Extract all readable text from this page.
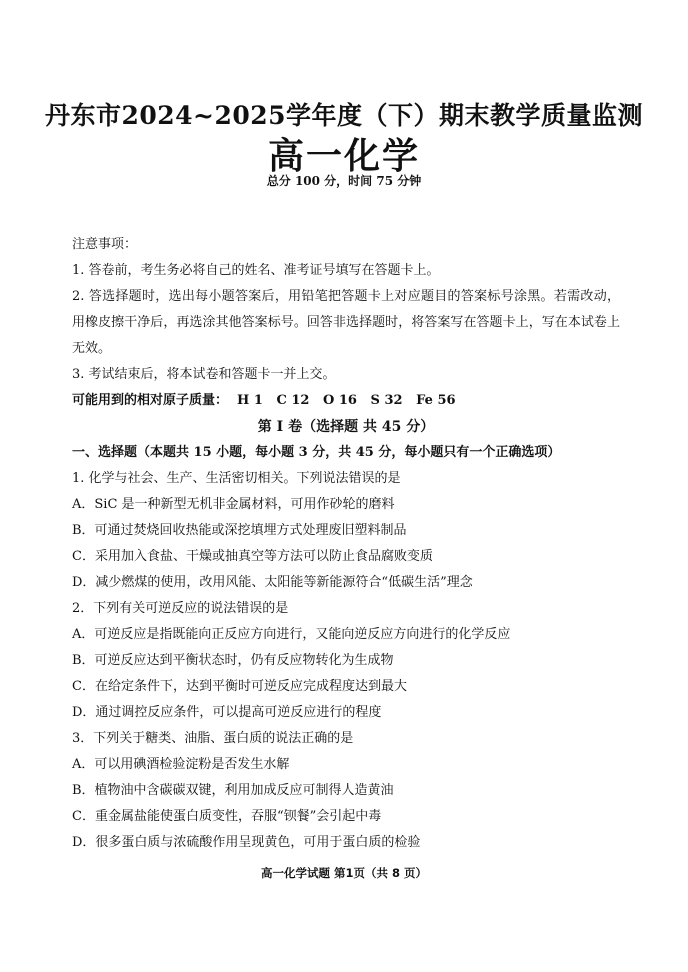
丹东市2024~2025学年度（下）期末教学质量监测
高一化学
总分 100 分，时间 75 分钟
注意事项：
1. 答卷前，考生务必将自己的姓名、准考证号填写在答题卡上。
2. 答选择题时，选出每小题答案后，用铅笔把答题卡上对应题目的答案标号涂黑。若需改动，用橡皮擦干净后，再选涂其他答案标号。回答非选择题时，将答案写在答题卡上，写在本试卷上无效。
3. 考试结束后，将本试卷和答题卡一并上交。
可能用到的相对原子质量：  H 1   C 12   O 16   S 32   Fe 56
第 Ⅰ 卷（选择题 共 45 分）
一、选择题（本题共 15 小题，每小题 3 分，共 45 分，每小题只有一个正确选项）
1. 化学与社会、生产、生活密切相关。下列说法错误的是
A．SiC 是一种新型无机非金属材料，可用作砂轮的磨料
B．可通过焚烧回收热能或深挖填埋方式处理废旧塑料制品
C．采用加入食盐、干燥或抽真空等方法可以防止食品腐败变质
D．减少燃煤的使用，改用风能、太阳能等新能源符合“低碳生活”理念
2．下列有关可逆反应的说法错误的是
A．可逆反应是指既能向正反应方向进行，又能向逆反应方向进行的化学反应
B．可逆反应达到平衡状态时，仍有反应物转化为生成物
C．在给定条件下，达到平衡时可逆反应完成程度达到最大
D．通过调控反应条件，可以提高可逆反应进行的程度
3．下列关于糖类、油脂、蛋白质的说法正确的是
A．可以用碘酒检验淀粉是否发生水解
B．植物油中含碳碳双键，利用加成反应可制得人造黄油
C．重金属盐能使蛋白质变性，吞服“钡餐”会引起中毒
D．很多蛋白质与浓硫酸作用呈现黄色，可用于蛋白质的检验
高一化学试题 第1页（共 8 页）
